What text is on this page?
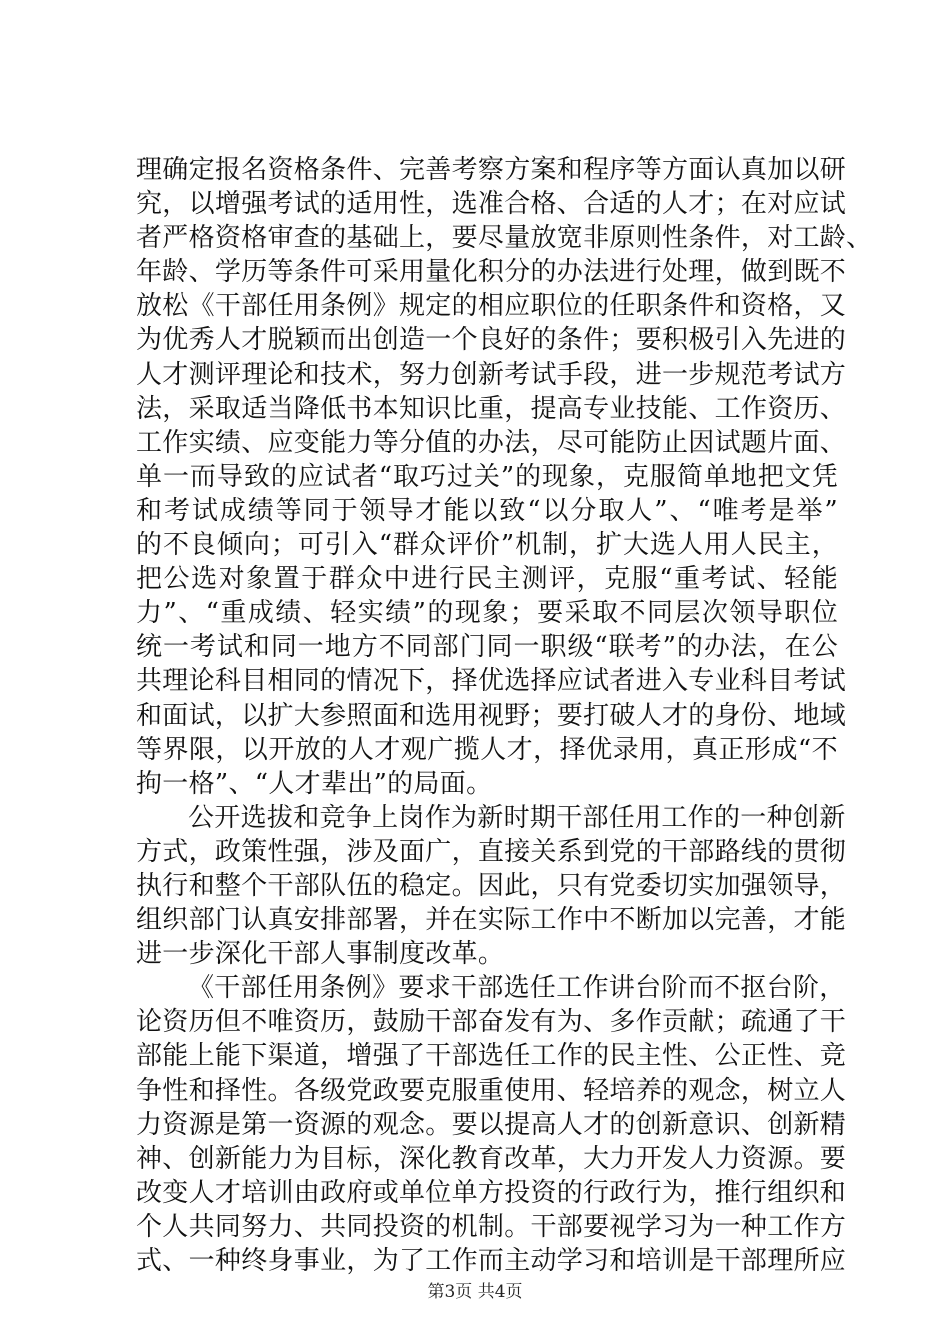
理确定报名资格条件、完善考察方案和程序等方面认真加以研
究，以增强考试的适用性，选准合格、合适的人才；在对应试
者严格资格审查的基础上，要尽量放宽非原则性条件，对工龄、
年龄、学历等条件可采用量化积分的办法进行处理，做到既不
放松《干部任用条例》规定的相应职位的任职条件和资格，又
为优秀人才脱颖而出创造一个良好的条件；要积极引入先进的
人才测评理论和技术，努力创新考试手段，进一步规范考试方
法，采取适当降低书本知识比重，提高专业技能、工作资历、
工作实绩、应变能力等分值的办法，尽可能防止因试题片面、
单一而导致的应试者“取巧过关”的现象，克服简单地把文凭
和考试成绩等同于领导才能以致“以分取人”、“唯考是举”
的不良倾向；可引入“群众评价”机制，扩大选人用人民主，
把公选对象置于群众中进行民主测评，克服“重考试、轻能
力”、“重成绩、轻实绩”的现象；要采取不同层次领导职位
统一考试和同一地方不同部门同一职级“联考”的办法，在公
共理论科目相同的情况下，择优选择应试者进入专业科目考试
和面试，以扩大参照面和选用视野；要打破人才的身份、地域
等界限，以开放的人才观广揽人才，择优录用，真正形成“不
拘一格”、“人才辈出”的局面。
公开选拔和竞争上岗作为新时期干部任用工作的一种创新
方式，政策性强，涉及面广，直接关系到党的干部路线的贯彻
执行和整个干部队伍的稳定。因此，只有党委切实加强领导，
组织部门认真安排部署，并在实际工作中不断加以完善，才能
进一步深化干部人事制度改革。
《干部任用条例》要求干部选任工作讲台阶而不抠台阶，
论资历但不唯资历，鼓励干部奋发有为、多作贡献；疏通了干
部能上能下渠道，增强了干部选任工作的民主性、公正性、竞
争性和择性。各级党政要克服重使用、轻培养的观念，树立人
力资源是第一资源的观念。要以提高人才的创新意识、创新精
神、创新能力为目标，深化教育改革，大力开发人力资源。要
改变人才培训由政府或单位单方投资的行政行为，推行组织和
个人共同努力、共同投资的机制。干部要视学习为一种工作方
式、一种终身事业，为了工作而主动学习和培训是干部理所应
第3页 共4页
